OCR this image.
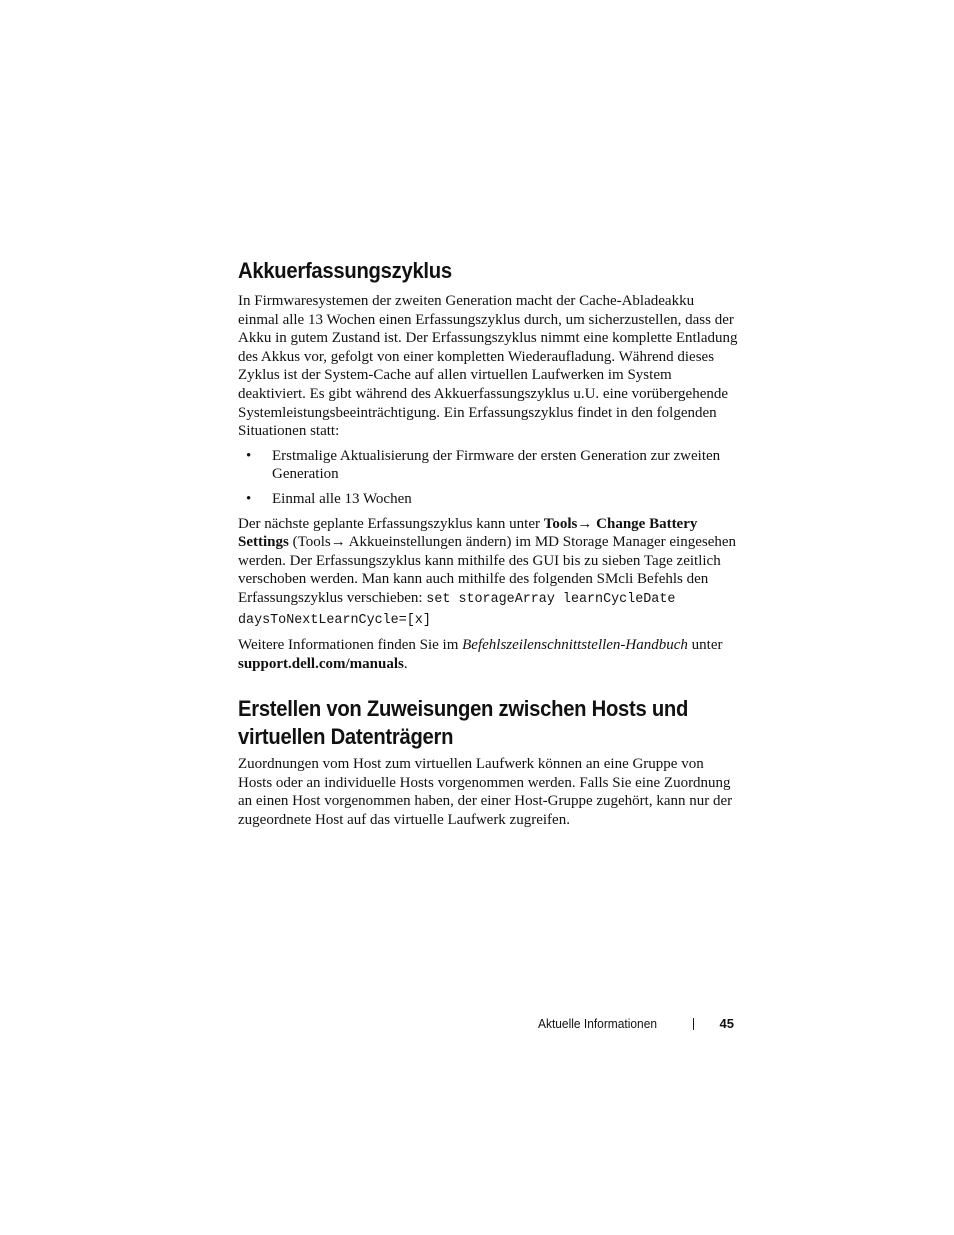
Akkuerfassungszyklus

In Firmwaresystemen der zweiten Generation macht der Cache-Abladeakku einmal alle 13 Wochen einen Erfassungszyklus durch, um sicherzustellen, dass der Akku in gutem Zustand ist. Der Erfassungszyklus nimmt eine komplette Entladung des Akkus vor, gefolgt von einer kompletten Wiederaufladung. Während dieses Zyklus ist der System-Cache auf allen virtuellen Laufwerken im System deaktiviert. Es gibt während des Akkuerfassungszyklus u.U. eine vorübergehende Systemleistungsbeeinträchtigung. Ein Erfassungszyklus findet in den folgenden Situationen statt:

• Erstmalige Aktualisierung der Firmware der ersten Generation zur zweiten Generation
• Einmal alle 13 Wochen

Der nächste geplante Erfassungszyklus kann unter Tools→ Change Battery Settings (Tools→ Akkueinstellungen ändern) im MD Storage Manager eingesehen werden. Der Erfassungszyklus kann mithilfe des GUI bis zu sieben Tage zeitlich verschoben werden. Man kann auch mithilfe des folgenden SMcli Befehls den Erfassungszyklus verschieben: set storageArray learnCycleDate daysToNextLearnCycle=[x]

Weitere Informationen finden Sie im Befehlszeilenschnittstellen-Handbuch unter support.dell.com/manuals.

Erstellen von Zuweisungen zwischen Hosts und virtuellen Datenträgern

Zuordnungen vom Host zum virtuellen Laufwerk können an eine Gruppe von Hosts oder an individuelle Hosts vorgenommen werden. Falls Sie eine Zuordnung an einen Host vorgenommen haben, der einer Host-Gruppe zugehört, kann nur der zugeordnete Host auf das virtuelle Laufwerk zugreifen.

Aktuelle Informationen	45
